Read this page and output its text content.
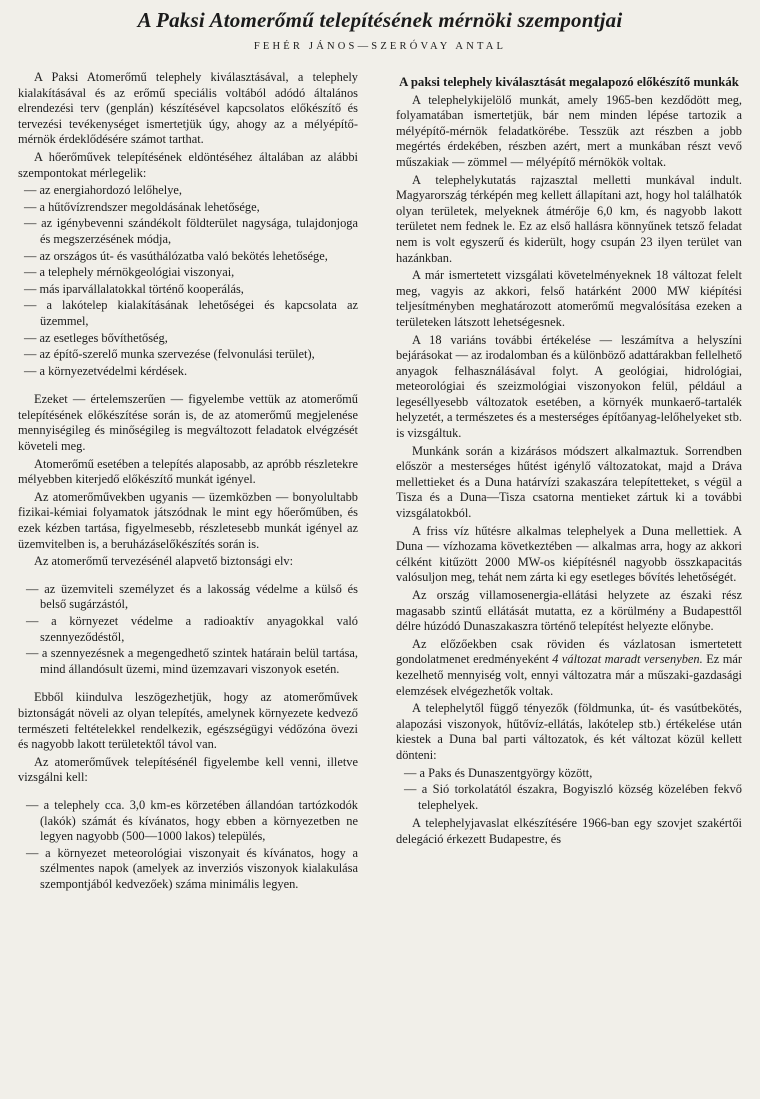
A Paksi Atomerőmű telepítésének mérnöki szempontjai
FEHÉR JÁNOS—SZERÓVAY ANTAL

A Paksi Atomerőmű telephely kiválasztásával, a telephely kialakításával és az erőmű speciális voltából adódó általános elrendezési terv (genplán) készítésével kapcsolatos előkészítő és tervezési tevékenységet ismertetjük úgy, ahogy az a mélyépítő-mérnök érdeklődésére számot tarthat.

A hőerőművek telepítésének eldöntéséhez általában az alábbi szempontokat mérlegelik:

— az energiahordozó lelőhelye,
— a hűtővízrendszer megoldásának lehetősége,
— az igénybevenni szándékolt földterület nagysága, tulajdonjoga és megszerzésének módja,
— az országos út- és vasúthálózatba való bekötés lehetősége,
— a telephely mérnökgeológiai viszonyai,
— más iparvállalatokkal történő kooperálás,
— a lakótelep kialakításának lehetőségei és kapcsolata az üzemmel,
— az esetleges bővíthetőség,
— az építő-szerelő munka szervezése (felvonulási terület),
— a környezetvédelmi kérdések.

Ezeket — értelemszerűen — figyelembe vettük az atomerőmű telepítésének előkészítése során is, de az atomerőmű megjelenése mennyiségileg és minőségileg is megváltozott feladatok elvégzését követeli meg.

Atomerőmű esetében a telepítés alaposabb, az apróbb részletekre mélyebben kiterjedő előkészítő munkát igényel.

Az atomerőművekben ugyanis — üzemközben — bonyolultabb fizikai-kémiai folyamatok játszódnak le mint egy hőerőműben, és ezek kézben tartása, figyelmesebb, részletesebb munkát igényel az üzemvitelben is, a beruházáselőkészítés során is.

Az atomerőmű tervezésénél alapvető biztonsági elv:

— az üzemviteli személyzet és a lakosság védelme a külső és belső sugárzástól,
— a környezet védelme a radioaktív anyagokkal való szennyeződéstől,
— a szennyezésnek a megengedhető szintek határain belül tartása, mind állandósult üzemi, mind üzemzavari viszonyok esetén.

Ebből kiindulva leszögezhetjük, hogy az atomerőművek biztonságát növeli az olyan telepítés, amelynek környezete kedvező természeti feltételekkel rendelkezik, egészségügyi védőzóna övezi és nagyobb lakott területektől távol van.

Az atomerőművek telepítésénél figyelembe kell venni, illetve vizsgálni kell:

— a telephely cca. 3,0 km-es körzetében állandóan tartózkodók (lakók) számát és kívánatos, hogy ebben a környezetben ne legyen nagyobb (500—1000 lakos) település,
— a környezet meteorológiai viszonyait és kívánatos, hogy a szélmentes napok (amelyek az inverziós viszonyok kialakulása szempontjából kedvezőek) száma minimális legyen.

A paksi telephely kiválasztását megalapozó előkészítő munkák

A telephelykijelölő munkát, amely 1965-ben kezdődött meg, folyamatában ismertetjük, bár nem minden lépése tartozik a mélyépítő-mérnök feladatkörébe. Tesszük azt részben a jobb megértés érdekében, részben azért, mert a munkában részt vevő műszakiak — zömmel — mélyépítő mérnökök voltak.

A telephelykutatás rajzasztal melletti munkával indult. Magyarország térképén meg kellett állapítani azt, hogy hol találhatók olyan területek, melyeknek átmérője 6,0 km, és nagyobb lakott területet nem fednek le. Ez az első hallásra könnyűnek tetsző feladat nem is volt egyszerű és kiderült, hogy csupán 23 ilyen terület van hazánkban.

A már ismertetett vizsgálati követelményeknek 18 változat felelt meg, vagyis az akkori, felső határként 2000 MW kiépítési teljesítményben meghatározott atomerőmű megvalósítása ezeken a területeken látszott lehetségesnek.

A 18 variáns további értékelése — leszámítva a helyszíni bejárásokat — az irodalomban és a különböző adattárakban fellelhető anyagok felhasználásával folyt. A geológiai, hidrológiai, meteorológiai és szeizmológiai viszonyokon felül, például a legeséllyesebb változatok esetében, a környék munkaerő-tartalék helyzetét, a természetes és a mesterséges építőanyag-lelőhelyeket stb. is vizsgáltuk.

Munkánk során a kizárásos módszert alkalmaztuk. Sorrendben először a mesterséges hűtést igénylő változatokat, majd a Dráva mellettieket és a Duna határvízi szakaszára telepítetteket, s végül a Tisza és a Duna—Tisza csatorna mentieket zártuk ki a további vizsgálatokból.

A friss víz hűtésre alkalmas telephelyek a Duna mellettiek. A Duna — vízhozama következtében — alkalmas arra, hogy az akkori célként kitűzött 2000 MW-os kiépítésnél nagyobb összkapacitás valósuljon meg, tehát nem zárta ki egy esetleges bővítés lehetőségét.

Az ország villamosenergia-ellátási helyzete az északi rész magasabb szintű ellátását mutatta, ez a körülmény a Budapesttől délre húzódó Dunaszakaszra történő telepítést helyezte előnybe.

Az előzőekben csak röviden és vázlatosan ismertetett gondolatmenet eredményeként 4 változat maradt versenyben. Ez már kezelhető mennyiség volt, ennyi változatra már a műszaki-gazdasági elemzések elvégezhetők voltak.

A telephelytől függő tényezők (földmunka, út- és vasútbekötés, alapozási viszonyok, hűtővíz-ellátás, lakótelep stb.) értékelése után kiestek a Duna bal parti változatok, és két változat közül kellett dönteni:

— a Paks és Dunaszentgyörgy között,
— a Sió torkolatától északra, Bogyiszló község közelében fekvő telephelyek.

A telephelyjavaslat elkészítésére 1966-ban egy szovjet szakértői delegáció érkezett Budapestre, és
